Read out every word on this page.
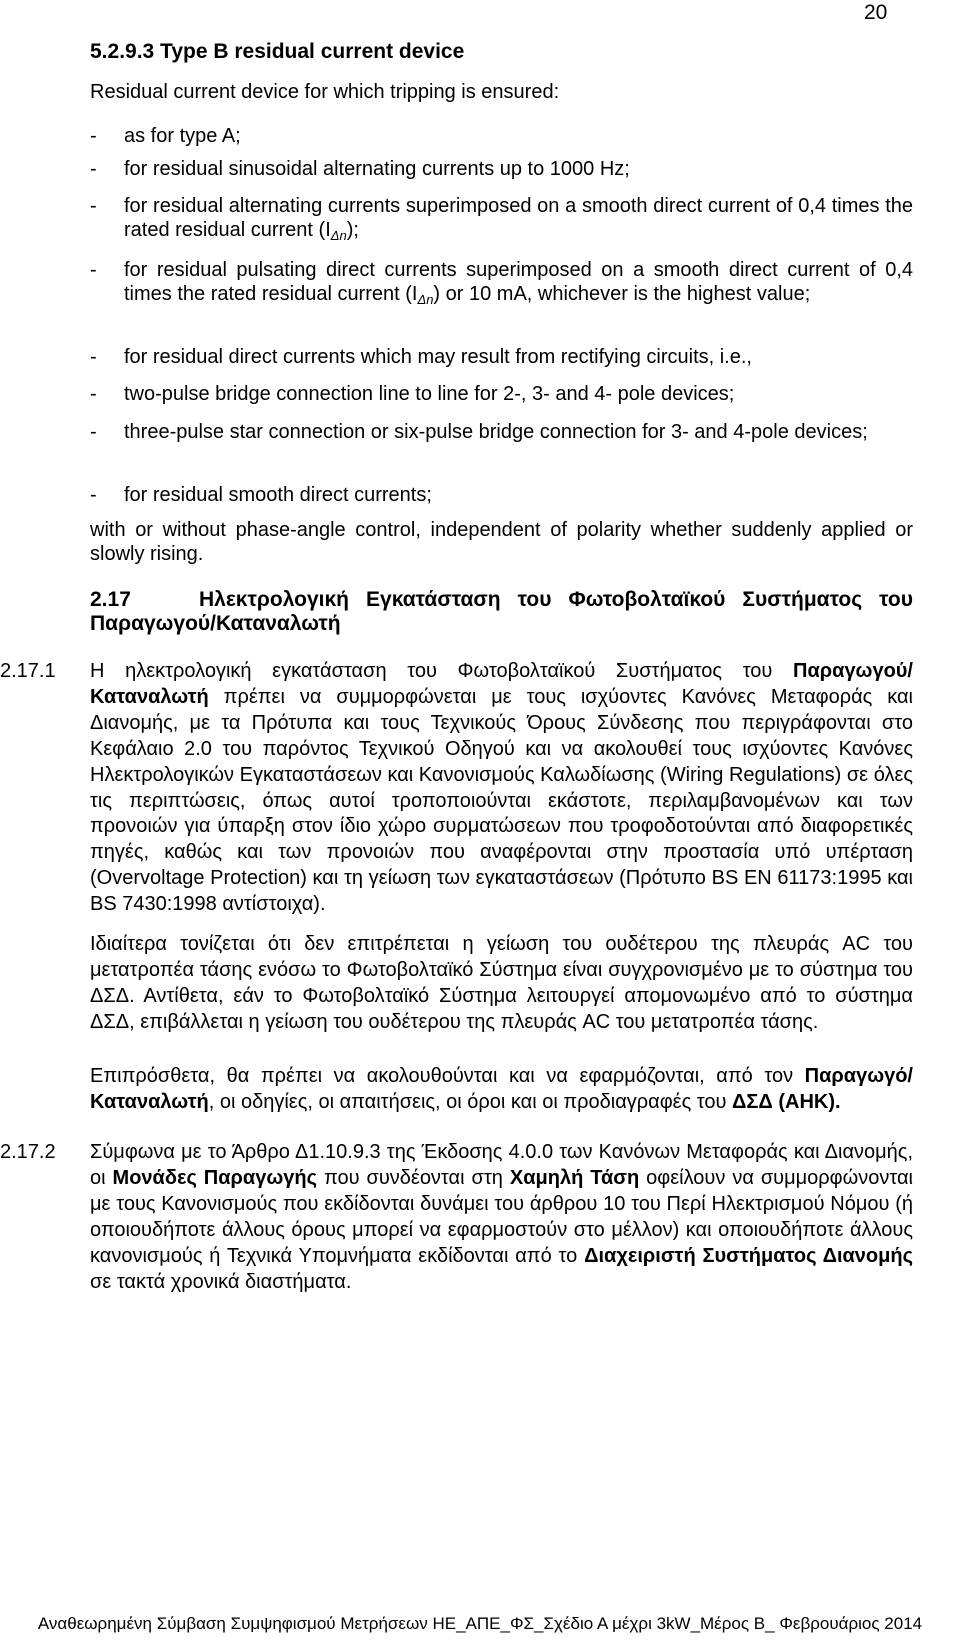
20
5.2.9.3 Type B residual current device
Residual current device for which tripping is ensured:
- as for type A;
- for residual sinusoidal alternating currents up to 1000 Hz;
- for residual alternating currents superimposed on a smooth direct current of 0,4 times the rated residual current $(I_{\Delta n})$;
- for residual pulsating direct currents superimposed on a smooth direct current of 0,4 times the rated residual current $(I_{\Delta n})$ or 10 mA, whichever is the highest value;
- for residual direct currents which may result from rectifying circuits, i.e.,
- two-pulse bridge connection line to line for 2-, 3- and 4- pole devices;
- three-pulse star connection or six-pulse bridge connection for 3- and 4-pole devices;
- for residual smooth direct currents;
with or without phase-angle control, independent of polarity whether suddenly applied or slowly rising.
2.17	Ηλεκτρολογική Εγκατάσταση του Φωτοβολταϊκού Συστήματος του Παραγωγού/Καταναλωτή
2.17.1 Η ηλεκτρολογική εγκατάσταση του Φωτοβολταϊκού Συστήματος του Παραγωγού/ Καταναλωτή πρέπει να συμμορφώνεται με τους ισχύοντες Κανόνες Μεταφοράς και Διανομής, με τα Πρότυπα και τους Τεχνικούς Όρους Σύνδεσης που περιγράφονται στο Κεφάλαιο 2.0 του παρόντος Τεχνικού Οδηγού και να ακολουθεί τους ισχύοντες Κανόνες Ηλεκτρολογικών Εγκαταστάσεων και Κανονισμούς Καλωδίωσης (Wiring Regulations) σε όλες τις περιπτώσεις, όπως αυτοί τροποποιούνται εκάστοτε, περιλαμβανομένων και των προνοιών για ύπαρξη στον ίδιο χώρο συρματώσεων που τροφοδοτούνται από διαφορετικές πηγές, καθώς και των προνοιών που αναφέρονται στην προστασία υπό υπέρταση (Overvoltage Protection) και τη γείωση των εγκαταστάσεων (Πρότυπο BS EN 61173:1995 και BS 7430:1998 αντίστοιχα).
Ιδιαίτερα τονίζεται ότι δεν επιτρέπεται η γείωση του ουδέτερου της πλευράς AC του μετατροπέα τάσης ενόσω το Φωτοβολταϊκό Σύστημα είναι συγχρονισμένο με το σύστημα του ΔΣΔ. Αντίθετα, εάν το Φωτοβολταϊκό Σύστημα λειτουργεί απομονωμένο από το σύστημα ΔΣΔ, επιβάλλεται η γείωση του ουδέτερου της πλευράς AC του μετατροπέα τάσης.
Επιπρόσθετα, θα πρέπει να ακολουθούνται και να εφαρμόζονται, από τον Παραγωγό/Καταναλωτή, οι οδηγίες, οι απαιτήσεις, οι όροι και οι προδιαγραφές του ΔΣΔ (ΑΗΚ).
2.17.2 Σύμφωνα με το Άρθρο Δ1.10.9.3 της Έκδοσης 4.0.0 των Κανόνων Μεταφοράς και Διανομής, οι Μονάδες Παραγωγής που συνδέονται στη Χαμηλή Τάση οφείλουν να συμμορφώνονται με τους Κανονισμούς που εκδίδονται δυνάμει του άρθρου 10 του Περί Ηλεκτρισμού Νόμου (ή οποιουδήποτε άλλους όρους μπορεί να εφαρμοστούν στο μέλλον) και οποιουδήποτε άλλους κανονισμούς ή Τεχνικά Υπομνήματα εκδίδονται από το Διαχειριστή Συστήματος Διανομής σε τακτά χρονικά διαστήματα.
Αναθεωρημένη Σύμβαση Συμψηφισμού Μετρήσεων ΗΕ_ΑΠΕ_ΦΣ_Σχέδιο Α μέχρι 3kW_Μέρος Β_ Φεβρουάριος 2014
